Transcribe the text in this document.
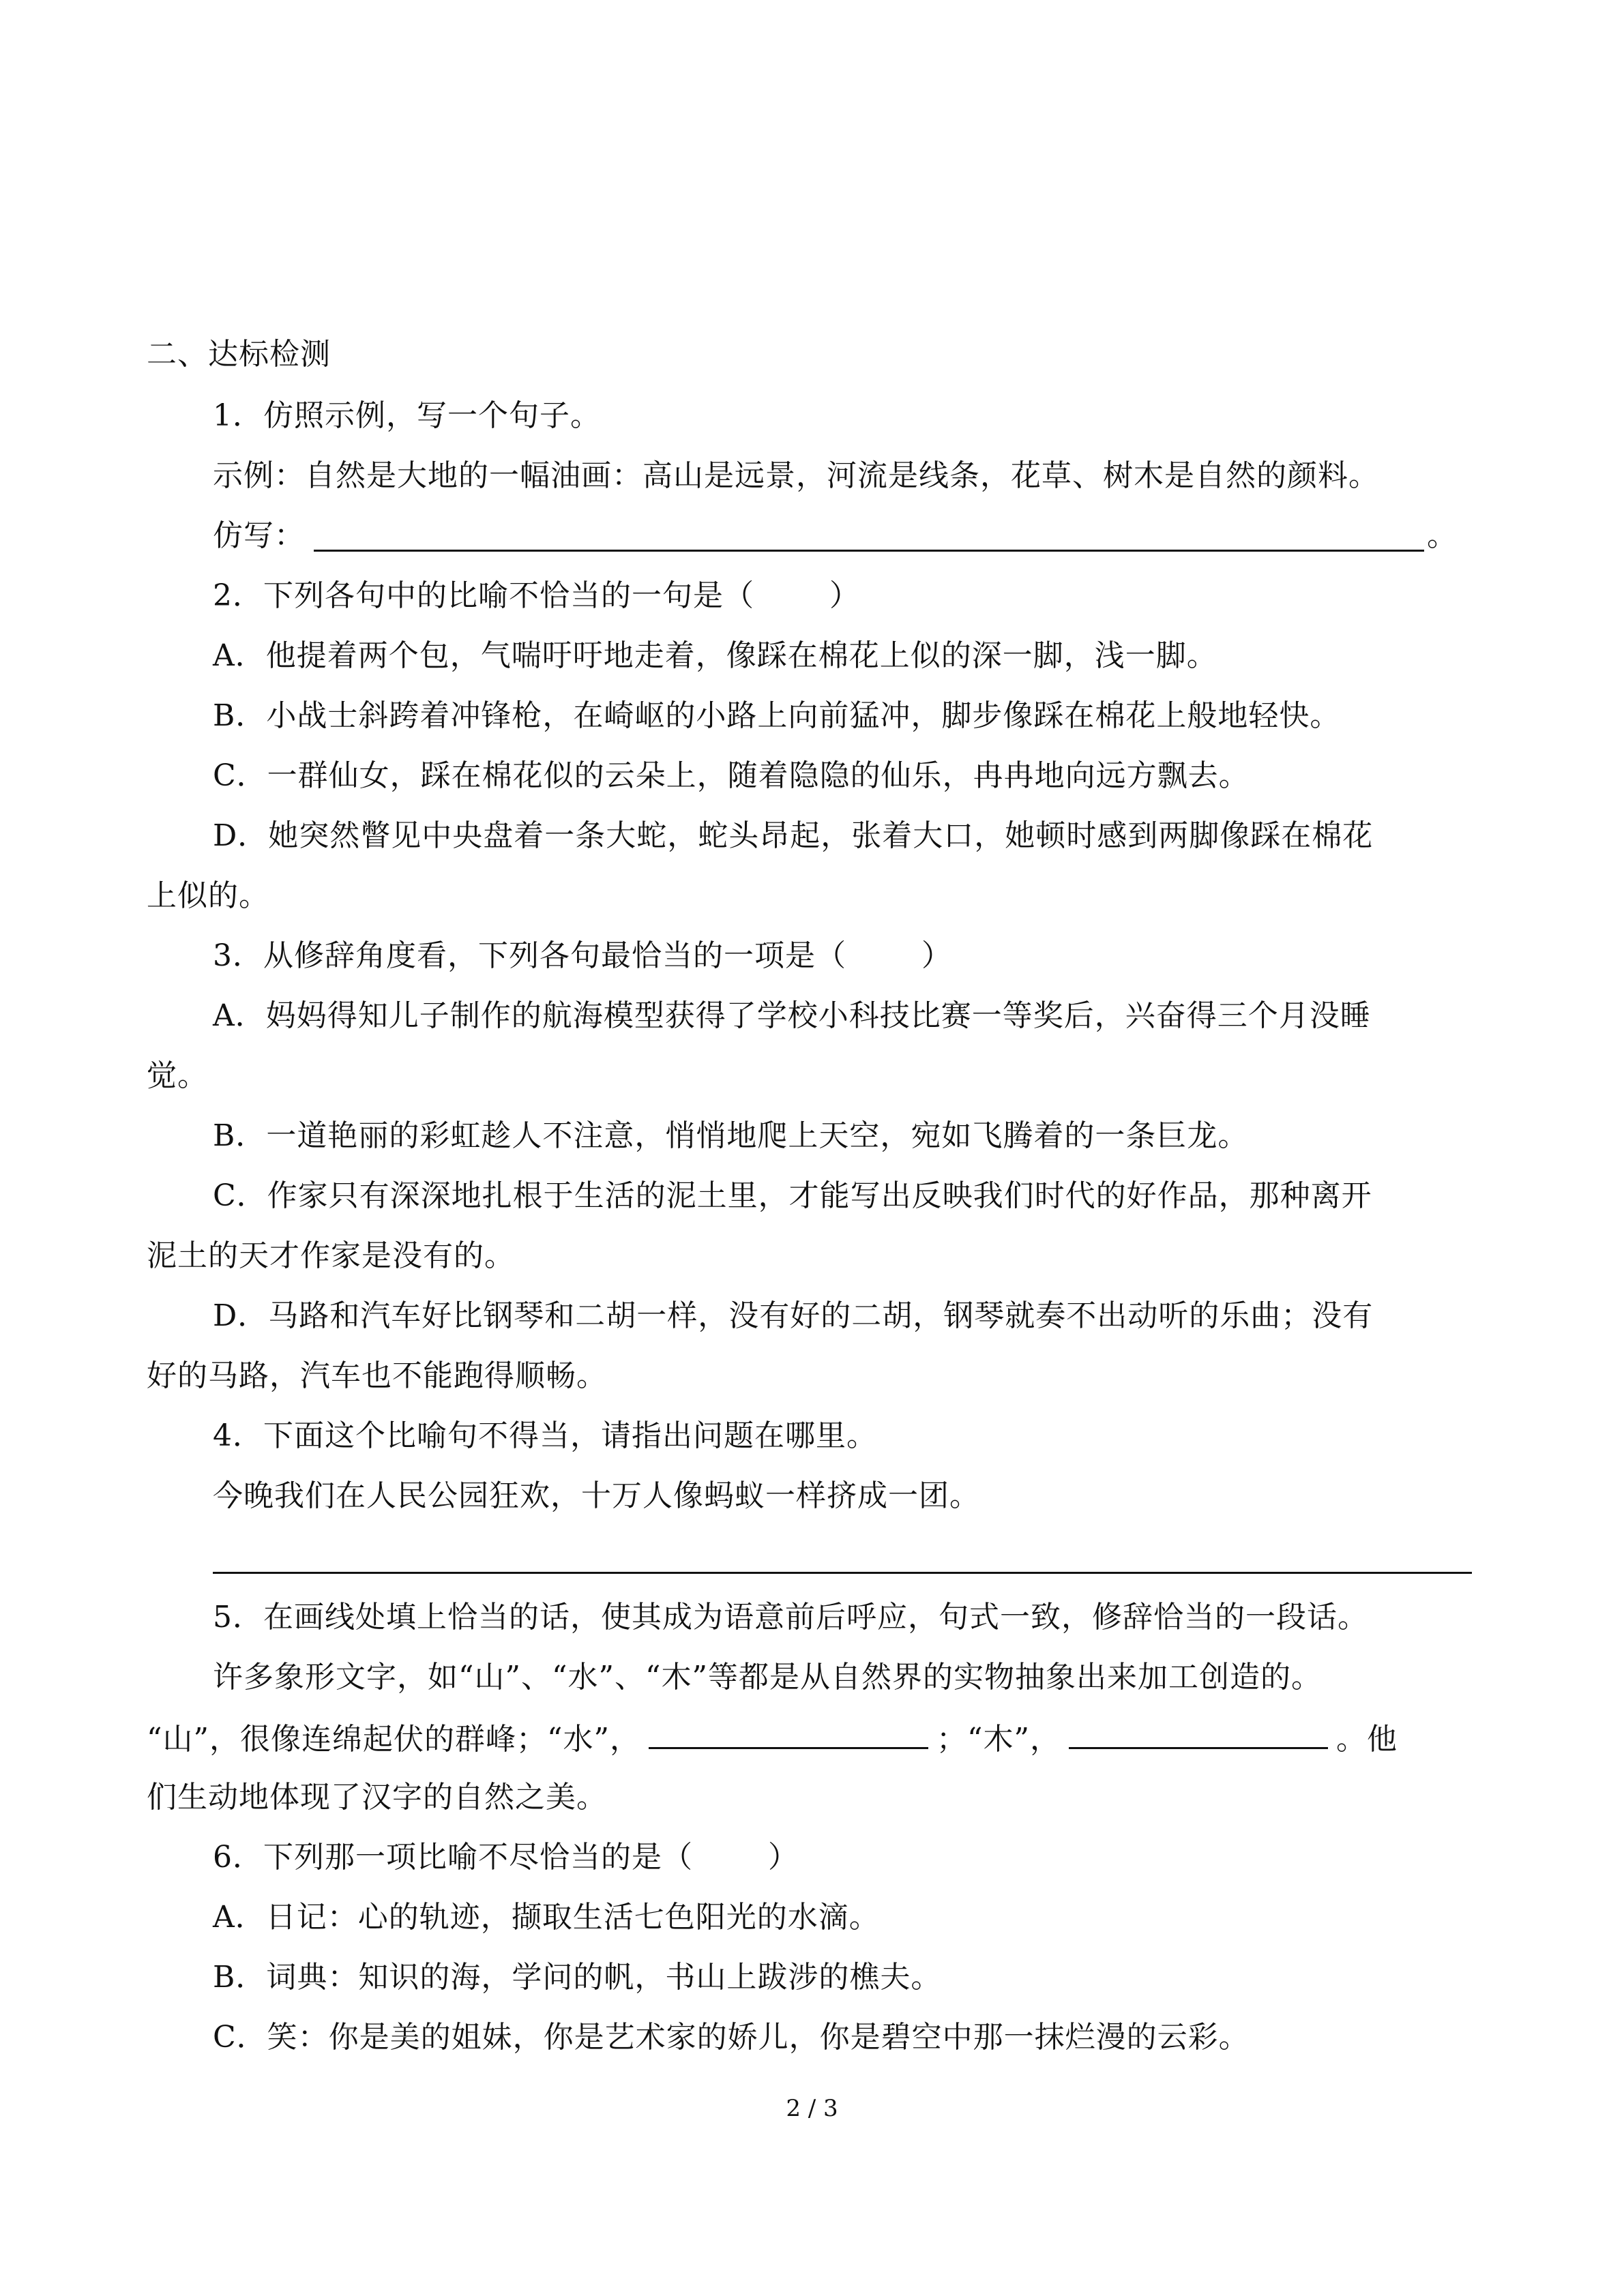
二、达标检测
1．仿照示例，写一个句子。
示例：自然是大地的一幅油画：高山是远景，河流是线条，花草、树木是自然的颜料。
仿写：	。
2．下列各句中的比喻不恰当的一句是（	）
A．他提着两个包，气喘吁吁地走着，像踩在棉花上似的深一脚，浅一脚。
B．小战士斜跨着冲锋枪，在崎岖的小路上向前猛冲，脚步像踩在棉花上般地轻快。
C．一群仙女，踩在棉花似的云朵上，随着隐隐的仙乐，冉冉地向远方飘去。
D．她突然瞥见中央盘着一条大蛇，蛇头昂起，张着大口，她顿时感到两脚像踩在棉花
上似的。
3．从修辞角度看，下列各句最恰当的一项是（	）
A．妈妈得知儿子制作的航海模型获得了学校小科技比赛一等奖后，兴奋得三个月没睡
觉。
B．一道艳丽的彩虹趁人不注意，悄悄地爬上天空，宛如飞腾着的一条巨龙。
C．作家只有深深地扎根于生活的泥土里，才能写出反映我们时代的好作品，那种离开
泥土的天才作家是没有的。
D．马路和汽车好比钢琴和二胡一样，没有好的二胡，钢琴就奏不出动听的乐曲；没有
好的马路，汽车也不能跑得顺畅。
4．下面这个比喻句不得当，请指出问题在哪里。
今晚我们在人民公园狂欢，十万人像蚂蚁一样挤成一团。
5．在画线处填上恰当的话，使其成为语意前后呼应，句式一致，修辞恰当的一段话。
许多象形文字，如“山”、“水”、“木”等都是从自然界的实物抽象出来加工创造的。
“山”，很像连绵起伏的群峰；“水”，	；“木”，	。他
们生动地体现了汉字的自然之美。
6．下列那一项比喻不尽恰当的是（	）
A．日记：心的轨迹，撷取生活七色阳光的水滴。
B．词典：知识的海，学问的帆，书山上跋涉的樵夫。
C．笑：你是美的姐妹，你是艺术家的娇儿，你是碧空中那一抹烂漫的云彩。
2 / 3
